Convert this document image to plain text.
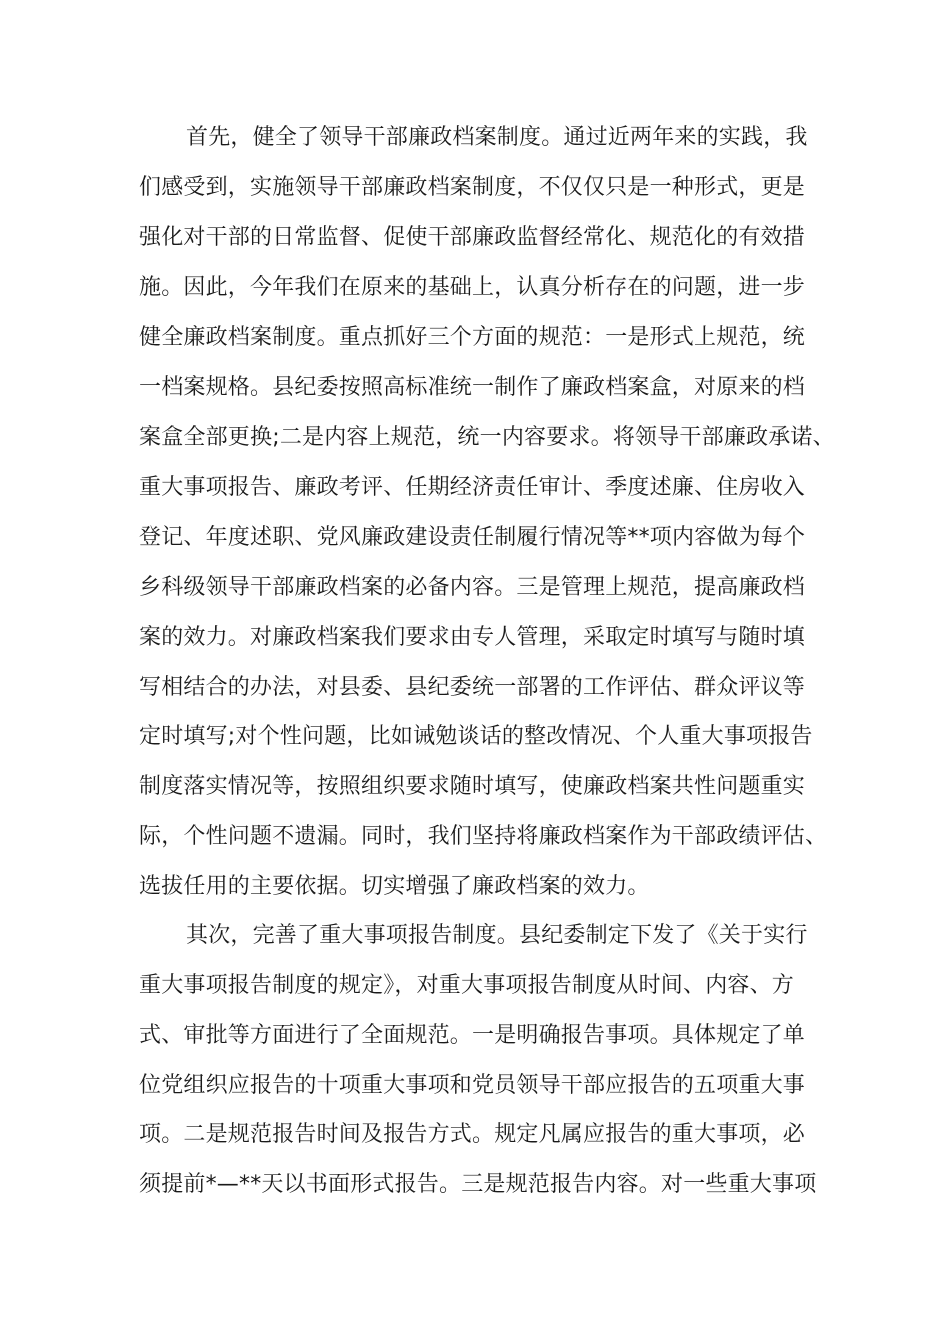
首先，健全了领导干部廉政档案制度。通过近两年来的实践，我
们感受到，实施领导干部廉政档案制度，不仅仅只是一种形式，更是
强化对干部的日常监督、促使干部廉政监督经常化、规范化的有效措
施。因此，今年我们在原来的基础上，认真分析存在的问题，进一步
健全廉政档案制度。重点抓好三个方面的规范：一是形式上规范，统
一档案规格。县纪委按照高标准统一制作了廉政档案盒，对原来的档
案盒全部更换;二是内容上规范，统一内容要求。将领导干部廉政承诺、
重大事项报告、廉政考评、任期经济责任审计、季度述廉、住房收入
登记、年度述职、党风廉政建设责任制履行情况等**项内容做为每个
乡科级领导干部廉政档案的必备内容。三是管理上规范，提高廉政档
案的效力。对廉政档案我们要求由专人管理，采取定时填写与随时填
写相结合的办法，对县委、县纪委统一部署的工作评估、群众评议等
定时填写;对个性问题，比如诫勉谈话的整改情况、个人重大事项报告
制度落实情况等，按照组织要求随时填写，使廉政档案共性问题重实
际，个性问题不遗漏。同时，我们坚持将廉政档案作为干部政绩评估、
选拔任用的主要依据。切实增强了廉政档案的效力。
其次，完善了重大事项报告制度。县纪委制定下发了《关于实行
重大事项报告制度的规定》，对重大事项报告制度从时间、内容、方
式、审批等方面进行了全面规范。一是明确报告事项。具体规定了单
位党组织应报告的十项重大事项和党员领导干部应报告的五项重大事
项。二是规范报告时间及报告方式。规定凡属应报告的重大事项，必
须提前*—**天以书面形式报告。三是规范报告内容。对一些重大事项
